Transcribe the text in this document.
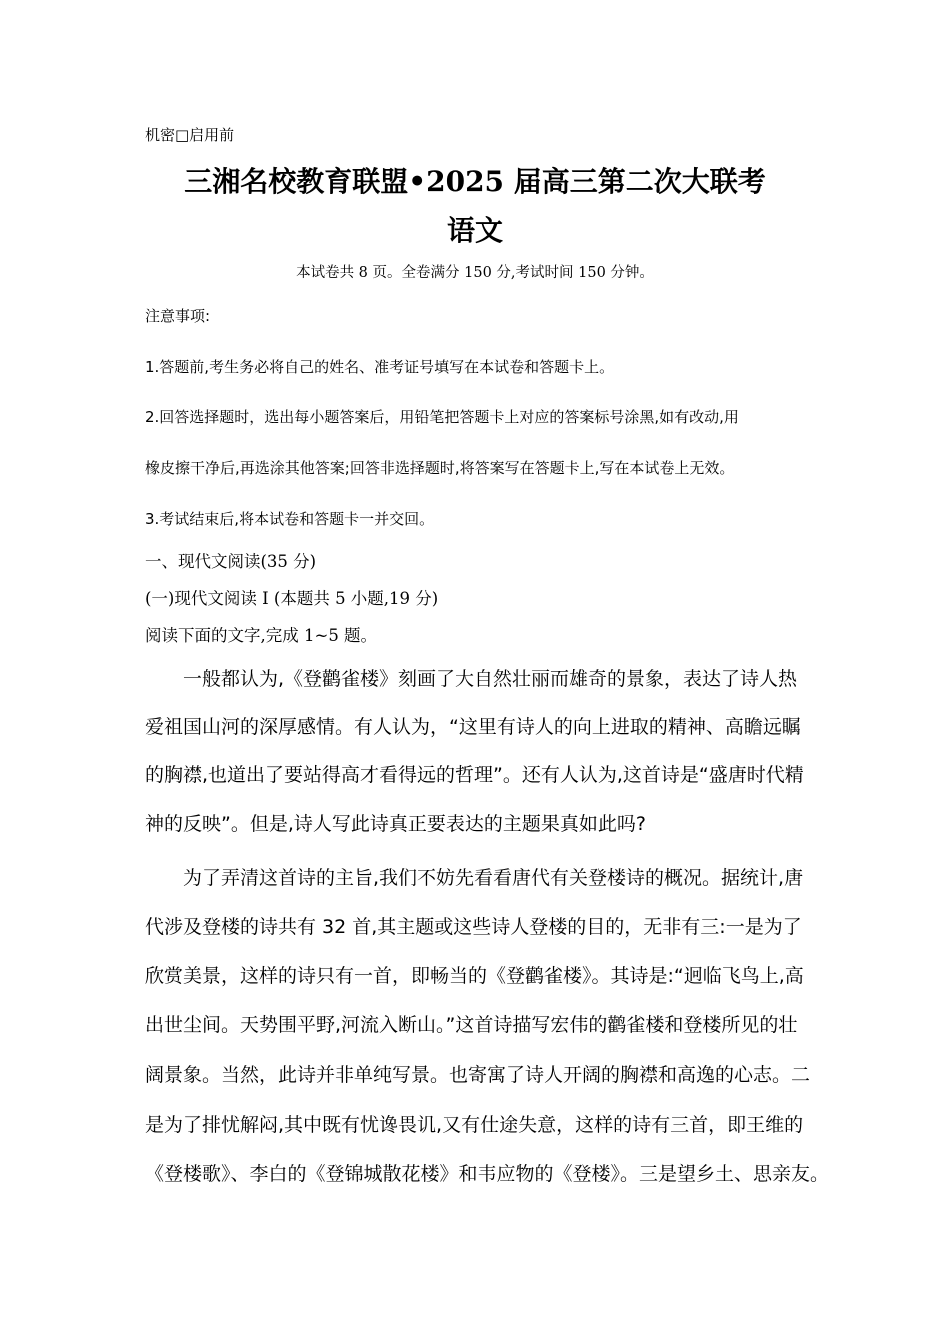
机密□启用前
三湘名校教育联盟•2025 届高三第二次大联考
语文
本试卷共 8 页。全卷满分 150 分,考试时间 150 分钟。
注意事项:
1.答题前,考生务必将自己的姓名、准考证号填写在本试卷和答题卡上。
2.回答选择题时，选出每小题答案后，用铅笔把答题卡上对应的答案标号涂黑,如有改动,用
橡皮擦干净后,再选涂其他答案;回答非选择题时,将答案写在答题卡上,写在本试卷上无效。
3.考试结束后,将本试卷和答题卡一并交回。
一、现代文阅读(35 分)
(一)现代文阅读 I (本题共 5 小题,19 分)
阅读下面的文字,完成 1~5 题。
一般都认为,《登鹳雀楼》刻画了大自然壮丽而雄奇的景象，表达了诗人热
爱祖国山河的深厚感情。有人认为，“这里有诗人的向上进取的精神、高瞻远瞩
的胸襟,也道出了要站得高才看得远的哲理”。还有人认为,这首诗是“盛唐时代精
神的反映”。但是,诗人写此诗真正要表达的主题果真如此吗?
为了弄清这首诗的主旨,我们不妨先看看唐代有关登楼诗的概况。据统计,唐
代涉及登楼的诗共有 32 首,其主题或这些诗人登楼的目的，无非有三:一是为了
欣赏美景，这样的诗只有一首，即畅当的《登鹳雀楼》。其诗是:“迥临飞鸟上,高
出世尘间。天势围平野,河流入断山。”这首诗描写宏伟的鹳雀楼和登楼所见的壮
阔景象。当然，此诗并非单纯写景。也寄寓了诗人开阔的胸襟和高逸的心志。二
是为了排忧解闷,其中既有忧谗畏讥,又有仕途失意，这样的诗有三首，即王维的
《登楼歌》、李白的《登锦城散花楼》和韦应物的《登楼》。三是望乡土、思亲友。
